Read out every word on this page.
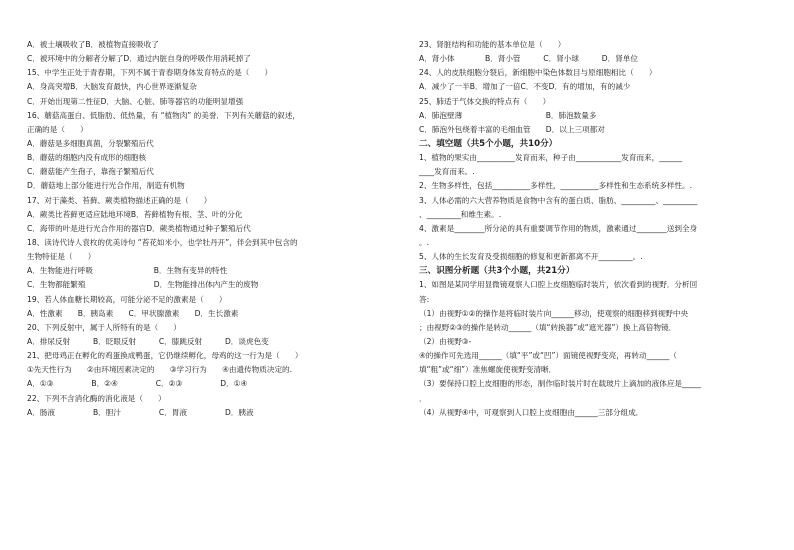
A．被土壤吸收了B．被植物直接吸收了
C．被环境中的分解者分解了D．通过内脏自身的呼吸作用消耗掉了
15、中学生正处于青春期，下列不属于青春期身体发育特点的是（　　）
A．身高突增B．大脑发育最快，内心世界逐渐复杂
C．开始出现第二性征D．大脑、心脏、肺等器官的功能明显增强
16、蘑菇高蛋白、低脂肪、低热量，有 “植物肉” 的美誉．下列有关蘑菇的叙述，
正确的是（　　）
A．蘑菇是多细胞真菌，分裂繁殖后代
B．蘑菇的细胞内没有成形的细胞核
C．蘑菇能产生孢子，靠孢子繁殖后代
D．蘑菇地上部分能进行光合作用，制造有机物
17、对于藻类、苔藓、蕨类植物描述正确的是（　　）
A．蕨类比苔藓更适应陆地环境B．苔藓植物有根、茎、叶的分化
C．海带的叶是进行光合作用的器官D．蕨类植物通过种子繁殖后代
18、读诗代诗人袁枚的优美诗句 “苔花如米小，也学牡丹开”，伴会到其中包含的
生物特征是（　　）
A．生物能进行呼吸　　　　　　　　B．生物有变异的特性
C．生物都能繁殖　　　　　　　　　D．生物能排出体内产生的废物
19、若人体血糖长期较高，可能分泌不足的激素是（　　）
A．性激素　　B．胰岛素　　C．甲状腺激素　　D．生长激素
20、下列反射中，属于人所特有的是（　　）
A．排尿反射　　　B．眨眼反射　　　C．膝跳反射　　　D．谈虎色变
21、把母鸡正在孵化的鸡蛋换成鸭蛋，它仍继续孵化，母鸡的这一行为是（　　）
①先天性行为　　②由环境因素决定的　　③学习行为　　④由遗传物质决定的.
A．①③　　　　　B．②④　　　　　C．②③　　　　　D．①④
22、下列不含消化酶的消化液是（　　）
A．肠液　　　　　B．胆汁　　　　　C．胃液　　　　　D．胰液
23、肾脏结构和功能的基本单位是（　　）
A．肾小体　　　　B．肾小管　　　C．肾小球　　　D．肾单位
24、人的皮肤细胞分裂后，新细胞中染色体数目与原细胞相比（　　）
A．减少了一半B．增加了一倍C．不变D．有的增加，有的减少
25、肺适于气体交换的特点有（　　）
A．肺泡壁薄　　　　　　　　　　　B．肺泡数量多
C．肺泡外包绕着丰富的毛细血管　　D．以上三项都对
二、填空题（共5个小题，共10分）
1、植物的果实由__________发育而来，种子由____________发育而来，______
____发育而来。.
2、生物多样性，包括__________多样性，__________多样性和生态系统多样性。.
3、人体必需的六大营养物质是食物中含有的蛋白质、脂肪、_________、_________
、_________和维生素。.
4、激素是________所分泌的具有重要调节作用的物质，激素通过________送到全身
。.
5、人体的生长发育及受损细胞的修复和更新都离不开_________。.
三、识图分析题（共3个小题，共21分）
1、如图是某同学用显微镜观察人口腔上皮细胞临时装片，依次看到的视野．分析回
答:
（1）由视野①②的操作是将临时装片向______移动，使观察的细胞移到视野中央
；由视野②③的操作是转动______（填“转换器”或“遮光器”）换上高倍物镜．
（2）由视野③-
④的操作可先选用______（填“平”或“凹”）面镜使视野变亮，再转动______（
填“粗”或“细”）准焦螺旋使视野变清晰．
（3）要保持口腔上皮细胞的形态，制作临时装片时在载玻片上滴加的液体应是_____
．
（4）从视野④中，可观察到人口腔上皮细胞由______三部分组成．
